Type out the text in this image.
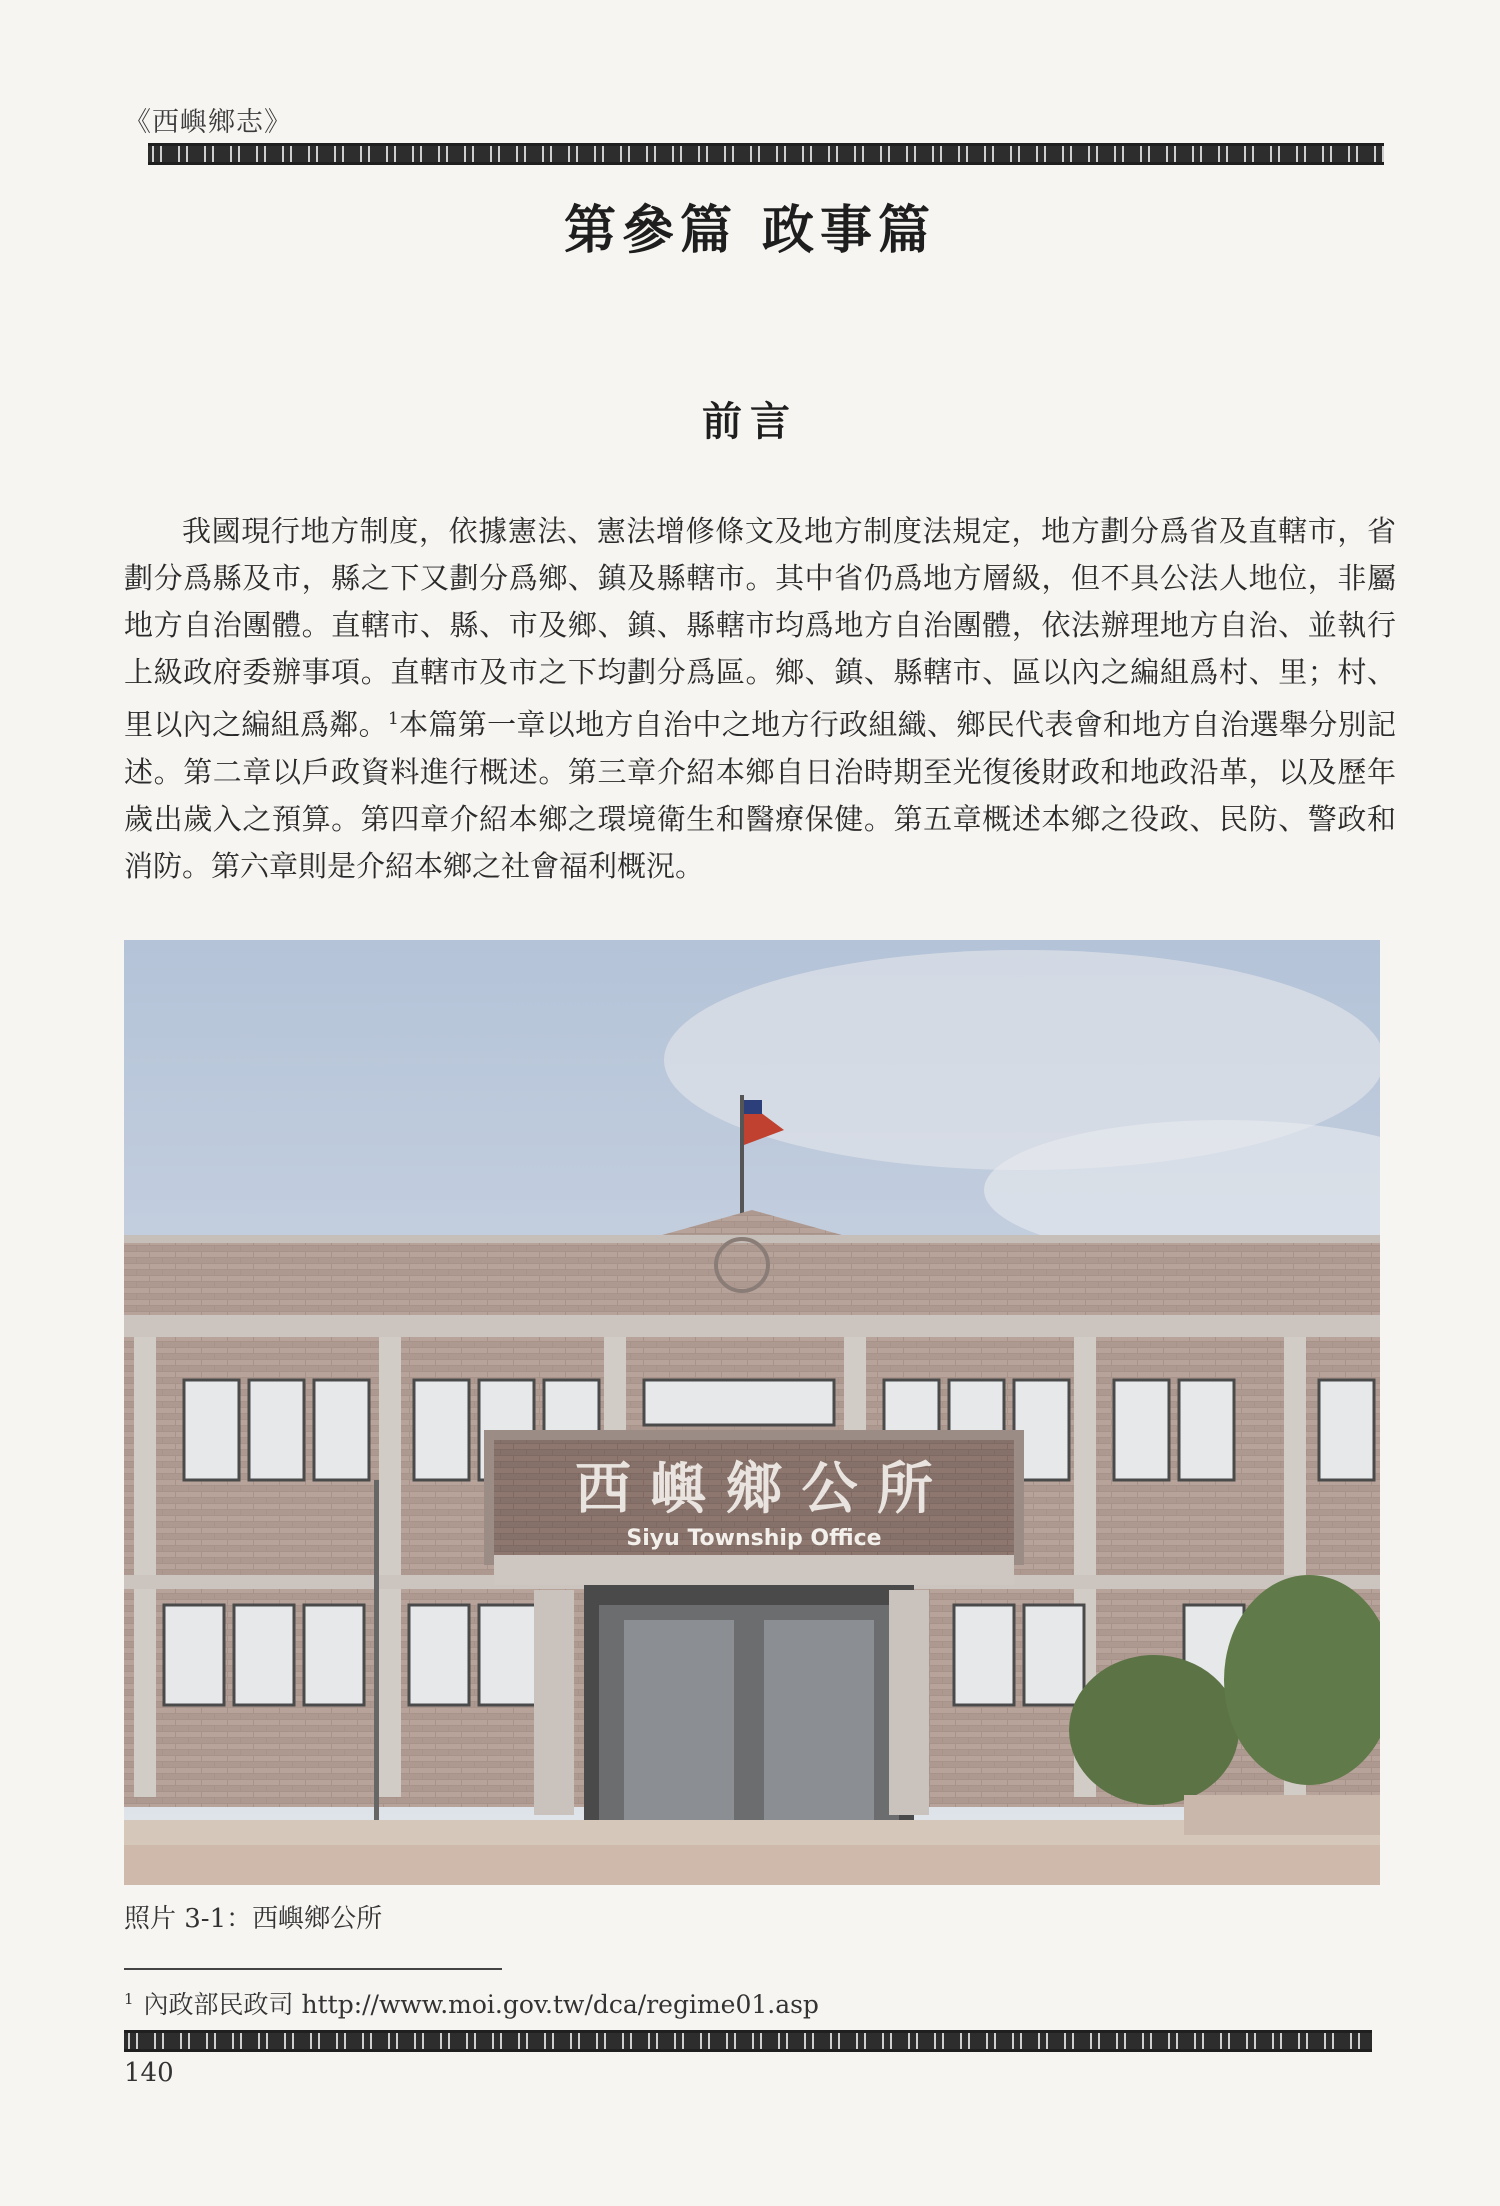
《西嶼鄉志》
第參篇 政事篇
前言

我國現行地方制度，依據憲法、憲法增修條文及地方制度法規定，地方劃分爲省及直轄市，省劃分爲縣及市，縣之下又劃分爲鄉、鎮及縣轄市。其中省仍爲地方層級，但不具公法人地位，非屬地方自治團體。直轄市、縣、市及鄉、鎮、縣轄市均爲地方自治團體，依法辦理地方自治、並執行上級政府委辦事項。直轄市及市之下均劃分爲區。鄉、鎮、縣轄市、區以內之編組爲村、里；村、里以內之編組爲鄰。$^1$本篇第一章以地方自治中之地方行政組織、鄉民代表會和地方自治選舉分別記述。第二章以戶政資料進行概述。第三章介紹本鄉自日治時期至光復後財政和地政沿革，以及歷年歲出歲入之預算。第四章介紹本鄉之環境衛生和醫療保健。第五章概述本鄉之役政、民防、警政和消防。第六章則是介紹本鄉之社會福利概況。

西 嶼 鄉 公 所
Siyu Township Office
照片 3-1：西嶼鄉公所
$^1$ 內政部民政司 http://www.moi.gov.tw/dca/regime01.asp
140
